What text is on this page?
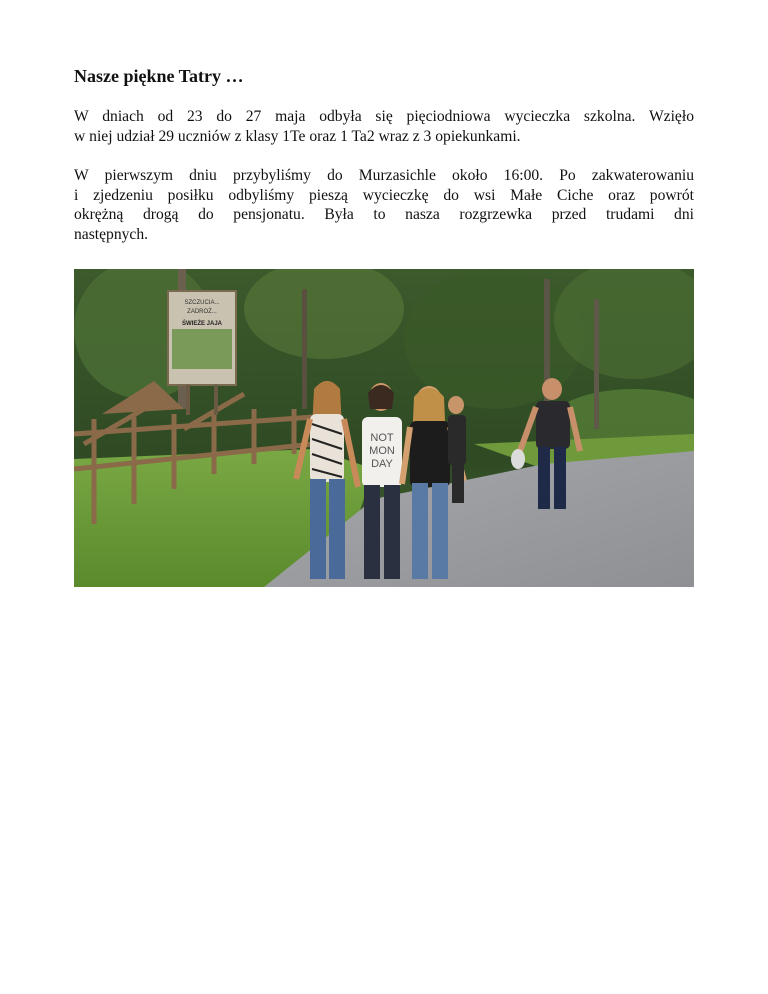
Nasze piękne Tatry …

W dniach od 23 do 27 maja odbyła się pięciodniowa wycieczka szkolna. Wzięło
w niej udział 29 uczniów z klasy 1Te oraz 1 Ta2 wraz z 3 opiekunkami.

W pierwszym dniu przybyliśmy do Murzasichle około 16:00. Po zakwaterowaniu
i zjedzeniu posiłku odbyliśmy pieszą wycieczkę do wsi Małe Ciche oraz powrót
okrężną drogą do pensjonatu. Była to nasza rozgrzewka przed trudami dni
następnych.

SZCZUCIA...
ZADROŻ...
ŚWIEŻE JAJA
NOT
MON
DAY
